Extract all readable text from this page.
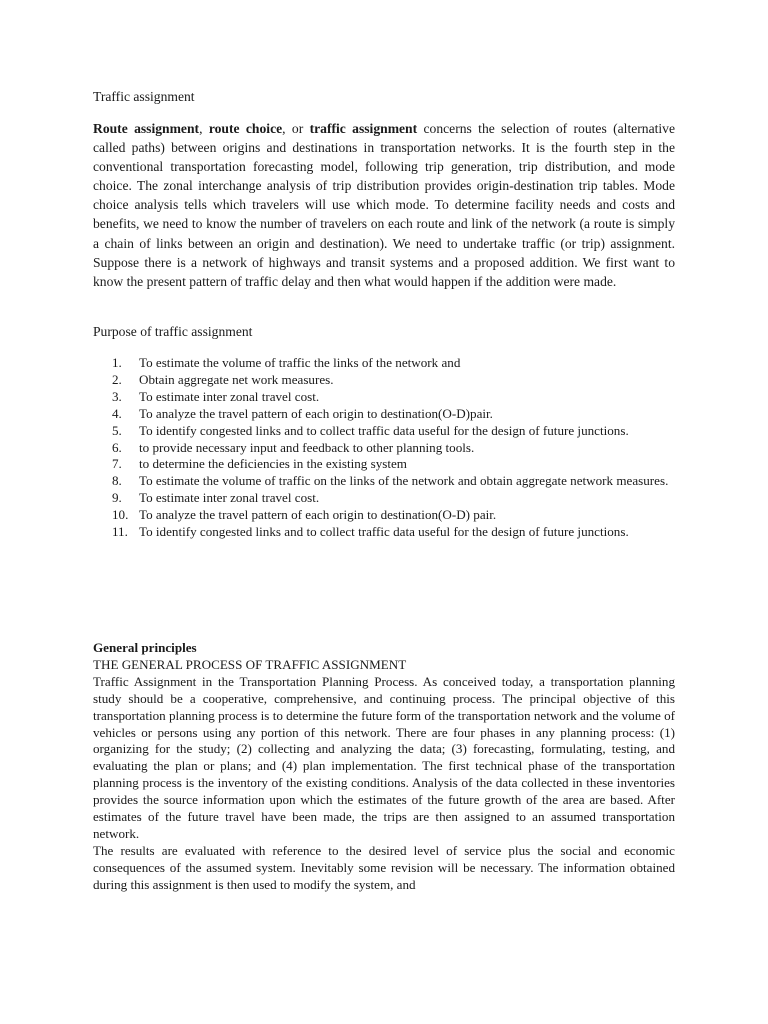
Traffic assignment

Route assignment, route choice, or traffic assignment concerns the selection of routes (alternative called paths) between origins and destinations in transportation networks. It is the fourth step in the conventional transportation forecasting model, following trip generation, trip distribution, and mode choice. The zonal interchange analysis of trip distribution provides origin-destination trip tables. Mode choice analysis tells which travelers will use which mode. To determine facility needs and costs and benefits, we need to know the number of travelers on each route and link of the network (a route is simply a chain of links between an origin and destination). We need to undertake traffic (or trip) assignment. Suppose there is a network of highways and transit systems and a proposed addition. We first want to know the present pattern of traffic delay and then what would happen if the addition were made.

Purpose of traffic assignment
1. To estimate the volume of traffic the links of the network and
2. Obtain aggregate net work measures.
3. To estimate inter zonal travel cost.
4. To analyze the travel pattern of each origin to destination(O-D)pair.
5. To identify congested links and to collect traffic data useful for the design of future junctions.
6. to provide necessary input and feedback to other planning tools.
7. to determine the deficiencies in the existing system
8. To estimate the volume of traffic on the links of the network and obtain aggregate network measures.
9. To estimate inter zonal travel cost.
10. To analyze the travel pattern of each origin to destination(O-D) pair.
11. To identify congested links and to collect traffic data useful for the design of future junctions.

General principles

THE GENERAL PROCESS OF TRAFFIC ASSIGNMENT

Traffic Assignment in the Transportation Planning Process. As conceived today, a transportation planning study should be a cooperative, comprehensive, and continuing process. The principal objective of this transportation planning process is to determine the future form of the transportation network and the volume of vehicles or persons using any portion of this network. There are four phases in any planning process: (1) organizing for the study; (2) collecting and analyzing the data; (3) forecasting, formulating, testing, and evaluating the plan or plans; and (4) plan implementation. The first technical phase of the transportation planning process is the inventory of the existing conditions. Analysis of the data collected in these inventories provides the source information upon which the estimates of the future growth of the area are based. After estimates of the future travel have been made, the trips are then assigned to an assumed transportation network.

The results are evaluated with reference to the desired level of service plus the social and economic consequences of the assumed system. Inevitably some revision will be necessary. The information obtained during this assignment is then used to modify the system, and
